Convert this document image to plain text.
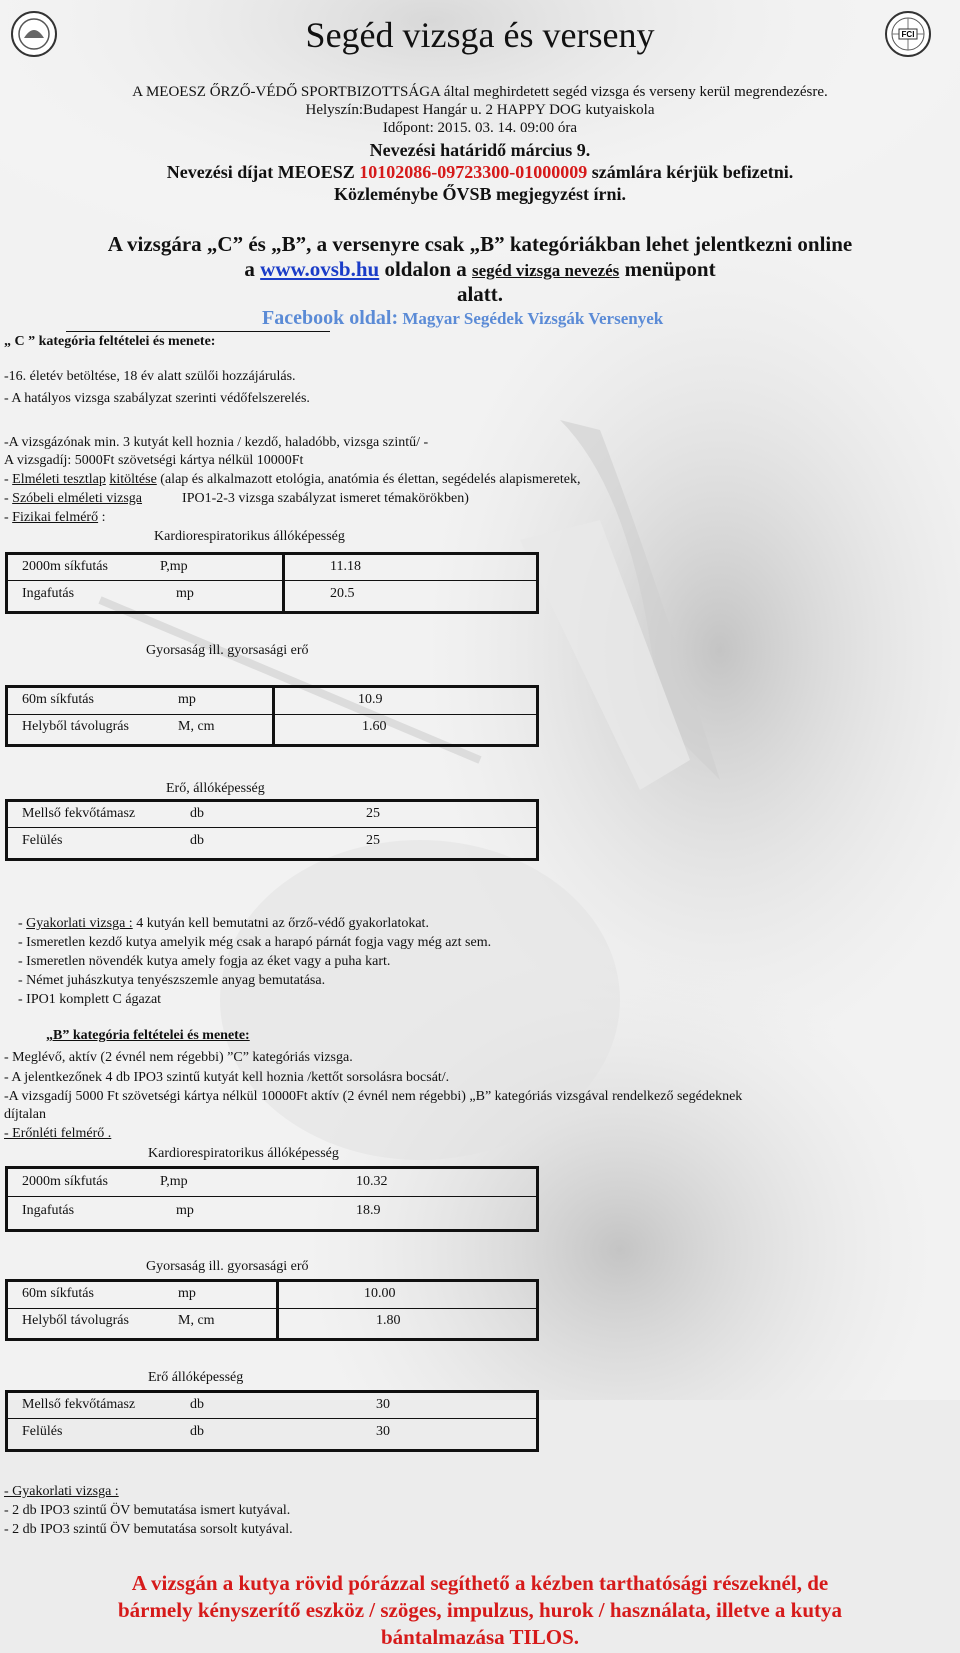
FCI
Segéd vizsga és verseny
A MEOESZ ŐRZŐ-VÉDŐ SPORTBIZOTTSÁGA által meghirdetett segéd vizsga és verseny kerül megrendezésre.
Helyszín:Budapest Hangár u. 2 HAPPY DOG kutyaiskola
Időpont: 2015. 03. 14. 09:00 óra
Nevezési határidő március 9.
Nevezési díjat MEOESZ 10102086-09723300-01000009 számlára kérjük befizetni.
Közleménybe ŐVSB megjegyzést írni.
A vizsgára „C” és „B”, a versenyre csak „B” kategóriákban lehet jelentkezni online
a www.ovsb.hu oldalon a segéd vizsga nevezés menüpont
alatt.
Facebook oldal: Magyar Segédek Vizsgák Versenyek
„ C ” kategória feltételei és menete:
-16. életév betöltése, 18 év alatt szülői hozzájárulás.
- A hatályos vizsga szabályzat szerinti védőfelszerelés.
-A vizsgázónak min. 3 kutyát kell hoznia / kezdő, haladóbb, vizsga szintű/ -
A vizsgadíj: 5000Ft szövetségi kártya nélkül 10000Ft
- Elméleti tesztlap kitöltése (alap és alkalmazott etológia, anatómia és élettan, segédelés alapismeretek,
- Szóbeli elméleti vizsga	IPO1-2-3 vizsga szabályzat ismeret témakörökben)
- Fizikai felmérő :
Kardiorespiratorikus állóképesség
2000m síkfutás	P,mp	11.18
Ingafutás	mp	20.5
Gyorsaság ill. gyorsasági erő
60m síkfutás	mp	10.9
Helyből távolugrás	M, cm	1.60
Erő, állóképesség
Mellső fekvőtámasz	db	25
Felülés	db	25
- Gyakorlati vizsga : 4 kutyán kell bemutatni az őrző-védő gyakorlatokat.
- Ismeretlen kezdő kutya amelyik még csak a harapó párnát fogja vagy még azt sem.
- Ismeretlen növendék kutya amely fogja az éket vagy a puha kart.
- Német juhászkutya tenyészszemle anyag bemutatása.
- IPO1 komplett C ágazat
„B” kategória feltételei és menete:
- Meglévő, aktív (2 évnél nem régebbi) ”C” kategóriás vizsga.
- A jelentkezőnek 4 db IPO3 szintű kutyát kell hoznia /kettőt sorsolásra bocsát/.
-A vizsgadíj 5000 Ft szövetségi kártya nélkül 10000Ft aktív (2 évnél nem régebbi) „B” kategóriás vizsgával rendelkező segédeknek
díjtalan
- Erőnléti felmérő .
Kardiorespiratorikus állóképesség
2000m síkfutás	P,mp	10.32
Ingafutás	mp	18.9
Gyorsaság ill. gyorsasági erő
60m síkfutás	mp	10.00
Helyből távolugrás	M, cm	1.80
Erő állóképesség
Mellső fekvőtámasz	db	30
Felülés	db	30
- Gyakorlati vizsga :
- 2 db IPO3 szintű ÖV bemutatása ismert kutyával.
- 2 db IPO3 szintű ÖV bemutatása sorsolt kutyával.
A vizsgán a kutya rövid pórázzal segíthető a kézben tarthatósági részeknél, de
bármely kényszerítő eszköz / szöges, impulzus, hurok / használata, illetve a kutya
bántalmazása TILOS.
